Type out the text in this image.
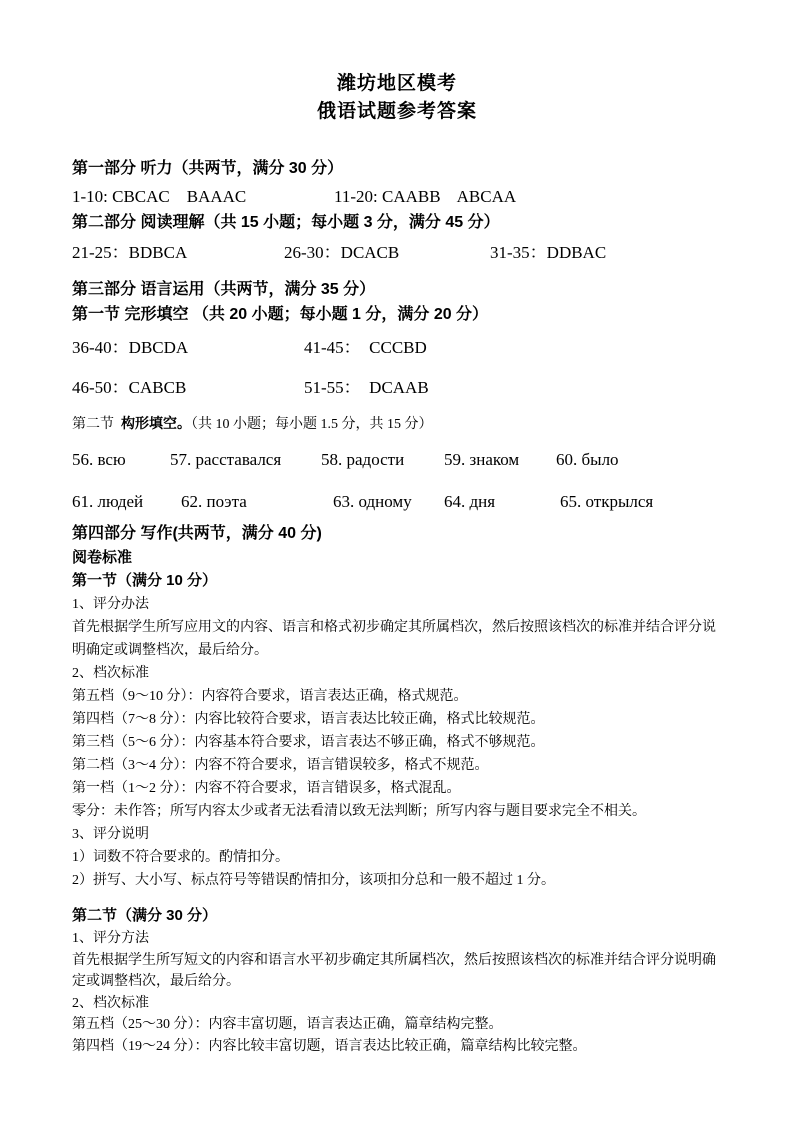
潍坊地区模考
俄语试题参考答案
第一部分 听力（共两节，满分 30 分）
1-10: CBCAC    BAAAC	11-20: CAABB    ABCAA
第二部分 阅读理解（共 15 小题；每小题 3 分，满分 45 分）
21-25：BDBCA	26-30：DCACB	31-35：DDBAC
第三部分 语言运用（共两节，满分 35 分）
第一节 完形填空 （共 20 小题；每小题 1 分，满分 20 分）
36-40：DBCDA	41-45：  CCCBD
46-50：CABCB	51-55：  DCAAB
第二节  构形填空。（共 10 小题；每小题 1.5 分，共 15 分）
56. всю	57. расставался	58. радости	59. знаком	60. было
61. людей	62. поэта	63. одному	64. дня	65. открылся
第四部分 写作(共两节，满分 40 分)
阅卷标准
第一节（满分 10 分）
1、评分办法
首先根据学生所写应用文的内容、语言和格式初步确定其所属档次，然后按照该档次的标准并结合评分说
明确定或调整档次，最后给分。
2、档次标准
第五档（9～10 分）：内容符合要求，语言表达正确，格式规范。
第四档（7～8 分）：内容比较符合要求，语言表达比较正确，格式比较规范。
第三档（5～6 分）：内容基本符合要求，语言表达不够正确，格式不够规范。
第二档（3～4 分）：内容不符合要求，语言错误较多，格式不规范。
第一档（1～2 分）：内容不符合要求，语言错误多，格式混乱。
零分：未作答；所写内容太少或者无法看清以致无法判断；所写内容与题目要求完全不相关。
3、评分说明
1）词数不符合要求的。酌情扣分。
2）拼写、大小写、标点符号等错误酌情扣分，该项扣分总和一般不超过 1 分。
第二节（满分 30 分）
1、评分方法
首先根据学生所写短文的内容和语言水平初步确定其所属档次，然后按照该档次的标准并结合评分说明确
定或调整档次，最后给分。
2、档次标准
第五档（25～30 分）：内容丰富切题，语言表达正确，篇章结构完整。
第四档（19～24 分）：内容比较丰富切题，语言表达比较正确，篇章结构比较完整。
